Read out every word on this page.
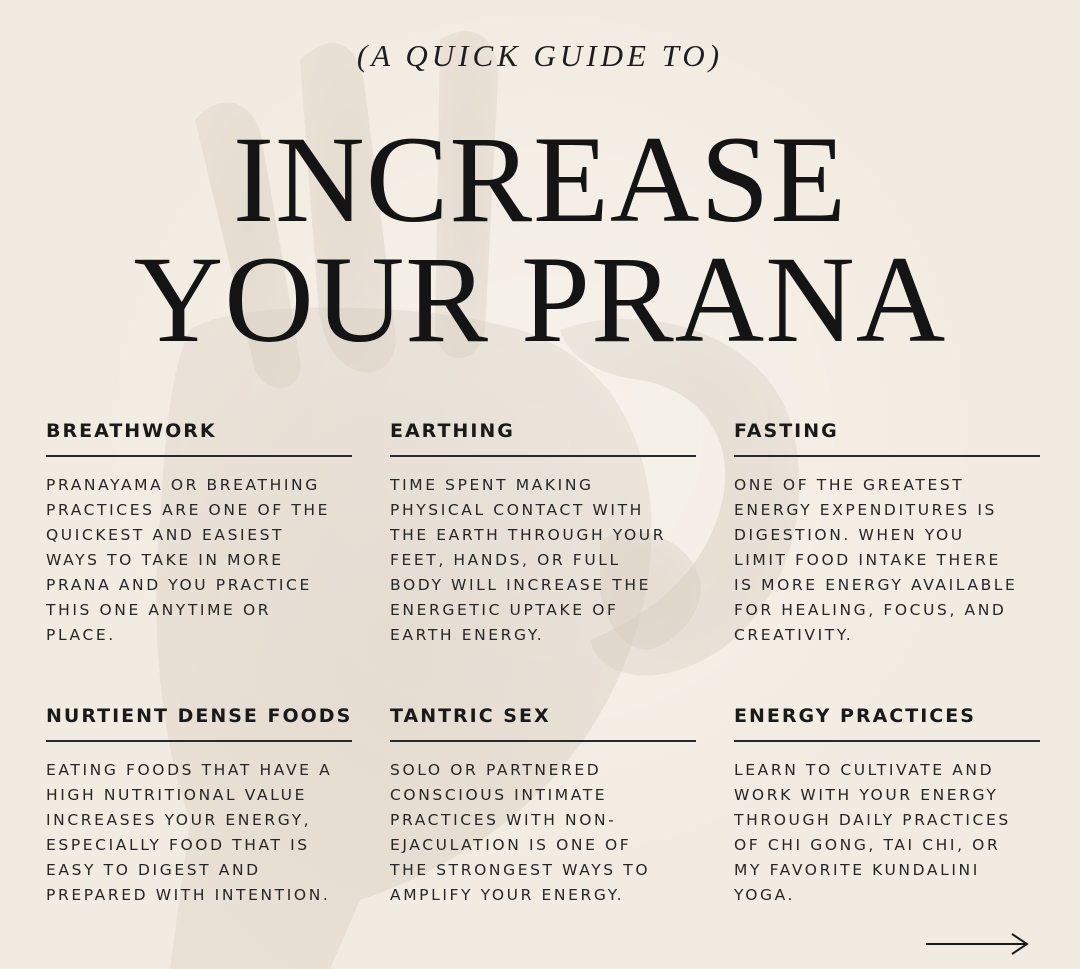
(A QUICK GUIDE TO)
INCREASE
YOUR PRANA
BREATHWORK
PRANAYAMA OR BREATHING
PRACTICES ARE ONE OF THE
QUICKEST AND EASIEST
WAYS TO TAKE IN MORE
PRANA AND YOU PRACTICE
THIS ONE ANYTIME OR
PLACE.
EARTHING
TIME SPENT MAKING
PHYSICAL CONTACT WITH
THE EARTH THROUGH YOUR
FEET, HANDS, OR FULL
BODY WILL INCREASE THE
ENERGETIC UPTAKE OF
EARTH ENERGY.
FASTING
ONE OF THE GREATEST
ENERGY EXPENDITURES IS
DIGESTION. WHEN YOU
LIMIT FOOD INTAKE THERE
IS MORE ENERGY AVAILABLE
FOR HEALING, FOCUS, AND
CREATIVITY.
NURTIENT DENSE FOODS
EATING FOODS THAT HAVE A
HIGH NUTRITIONAL VALUE
INCREASES YOUR ENERGY,
ESPECIALLY FOOD THAT IS
EASY TO DIGEST AND
PREPARED WITH INTENTION.
TANTRIC SEX
SOLO OR PARTNERED
CONSCIOUS INTIMATE
PRACTICES WITH NON-
EJACULATION IS ONE OF
THE STRONGEST WAYS TO
AMPLIFY YOUR ENERGY.
ENERGY PRACTICES
LEARN TO CULTIVATE AND
WORK WITH YOUR ENERGY
THROUGH DAILY PRACTICES
OF CHI GONG, TAI CHI, OR
MY FAVORITE KUNDALINI
YOGA.
